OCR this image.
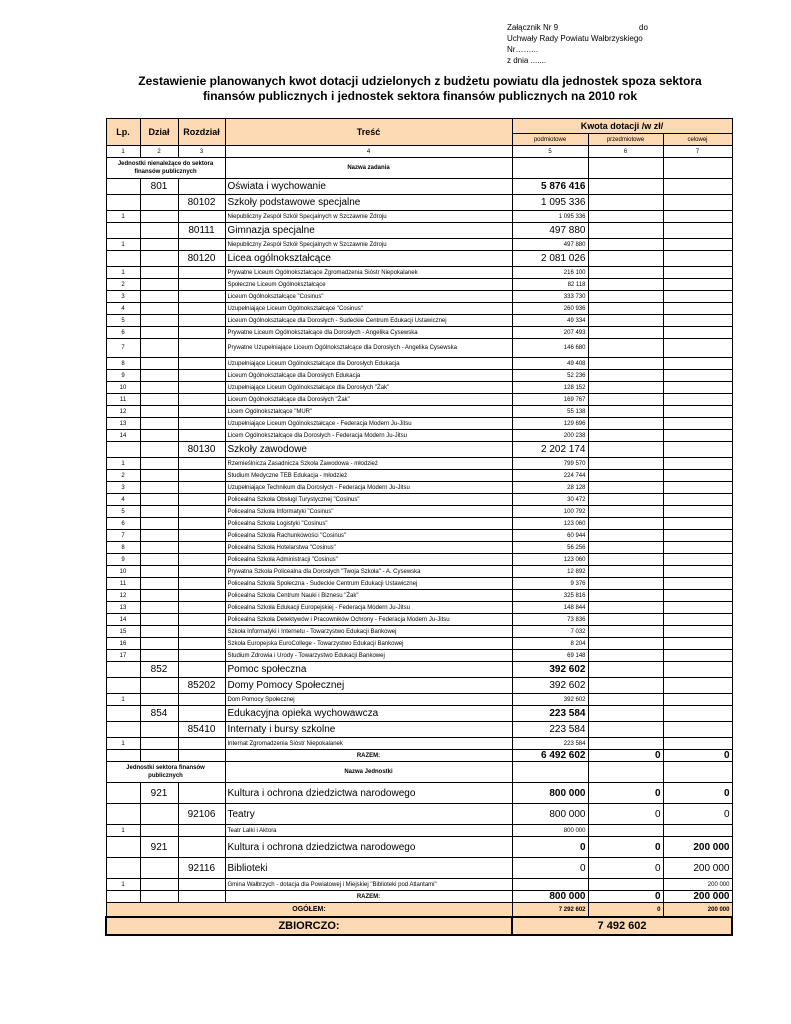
Załącznik Nr 9	do
Uchwały Rady Powiatu Wałbrzyskiego
Nr……...
z dnia .......
Zestawienie planowanych kwot dotacji udzielonych z budżetu powiatu dla jednostek spoza sektora
finansów publicznych i jednostek sektora finansów publicznych na 2010 rok
Lp.	Dział	Rozdział	Treść	Kwota dotacji /w zł/		
				podmiotowe	przedmiotowe	celowej
1	2	3	4	5	6	7
Jednostki nienależące do sektora finansów publicznych			Nazwa zadania			
	801		Oświata i wychowanie	5 876 416		
		80102	Szkoły podstawowe specjalne	1 095 336		
1			Niepubliczny Zespół Szkół Specjalnych w Szczawnie Zdroju	1 095 336		
		80111	Gimnazja specjalne	497 880		
1			Niepubliczny Zespół Szkół Specjalnych w Szczawnie Zdroju	497 880		
		80120	Licea ogólnokształcące	2 081 026		
1			Prywatne Liceum Ogólnokształcące Zgromadzenia Sióstr Niepokalanek	216 100		
2			Społeczne Liceum Ogólnokształcące	82 118		
3			Liceum Ogólnokształcące "Cosinus"	333 730		
4			Uzupełniające Liceum Ogólnokształcące "Cosinus"	260 936		
5			Liceum Ogólnokształcące dla Dorosłych - Sudeckie Centrum Edukacji Ustawicznej	49 334		
6			Prywatne Liceum Ogólnokształcące dla Dorosłych - Angelika Cysewska	207 493		
7			Prywatne Uzupełniające Liceum Ogólnokształcące dla Dorosłych - Angelika Cysewska	146 680		
8			Uzupełniające Liceum Ogólnokształcące dla Dorosłych Edukacja	49 408		
9			Liceum Ogólnokształcące dla Dorosłych Edukacja	52 236		
10			Uzupełniające Liceum Ogólnokształcące dla Dorosłych "Żak"	128 152		
11			Liceum Ogólnokształcące dla Dorosłych "Żak"	169 767		
12			Licem Ogólnokształcące "MUR"	55 138		
13			Uzupełniające Liceum Ogólnokształcące - Federacja Modern Ju-Jitsu	129 696		
14			Licem Ogólnokształcące dla Dorosłych - Federacja Modern Ju-Jitsu	200 238		
		80130	Szkoły zawodowe	2 202 174		
1			Rzemieślnicza Zasadnicza Szkoła Zawodowa - młodzież	799 570		
2			Studium Medyczne TEB Edukacja - młodzież	224 744		
3			Uzupełniające Technikum dla Dorosłych - Federacja Modern Ju-Jitsu	28 128		
4			Policealna Szkoła Obsługi Turystycznej "Cosinus"	30 472		
5			Policealna Szkoła Informatyki "Cosinus"	100 792		
6			Policealna Szkoła Logistyki "Cosinus"	123 060		
7			Policealna Szkoła Rachunkowości "Cosinus"	60 944		
8			Policealna Szkoła Hotelarstwa "Cosinus"	56 256		
9			Policealna Szkoła Administracji "Cosinus"	123 060		
10			Prywatna Szkoła Policealna dla Dorosłych "Twoja Szkoła" - A. Cysewska	12 892		
11			Policealna Szkoła Społeczna - Sudeckie Centrum Edukacji Ustawicznej	9 376		
12			Policealna Szkoła Centrum Nauki i Biznesu "Żak"	325 816		
13			Policealna Szkoła Edukacji Europejskiej - Federacja Modern Ju-Jitsu	148 844		
14			Policealna Szkoła Detektywów i Pracowników Ochrony - Federacja Modern Ju-Jitsu	73 836		
15			Szkoła Informatyki i Internetu - Towarzystwo Edukacji Bankowej	7 032		
16			Szkoła Europejska EuroCollege - Towarzystwo Edukacji Bankowej	8 204		
17			Studium Zdrowia i Urody - Towarzystwo Edukacji Bankowej	69 148		
	852		Pomoc społeczna	392 602		
		85202	Domy Pomocy Społecznej	392 602		
1			Dom Pomocy Społecznej	392 602		
	854		Edukacyjna opieka wychowawcza	223 584		
		85410	Internaty i bursy szkolne	223 584		
1			Internat Zgromadzenia Sióstr Niepokalanek	223 584		
			RAZEM:	6 492 602	0	0
Jednostki sektora finansów publicznych			Nazwa Jednostki			
	921		Kultura i ochrona dziedzictwa narodowego	800 000	0	0
		92106	Teatry	800 000	0	0
1			Teatr Lalki i Aktora	800 000		
	921		Kultura i ochrona dziedzictwa narodowego	0	0	200 000
		92116	Biblioteki	0	0	200 000
1			Gmina Wałbrzych - dotacja dla Powiatowej i Miejskiej "Biblioteki pod Atlantami"			200 000
			RAZEM:	800 000	0	200 000
OGÓŁEM:				7 292 602	0	200 000
ZBIORCZO:				7 492 602		
